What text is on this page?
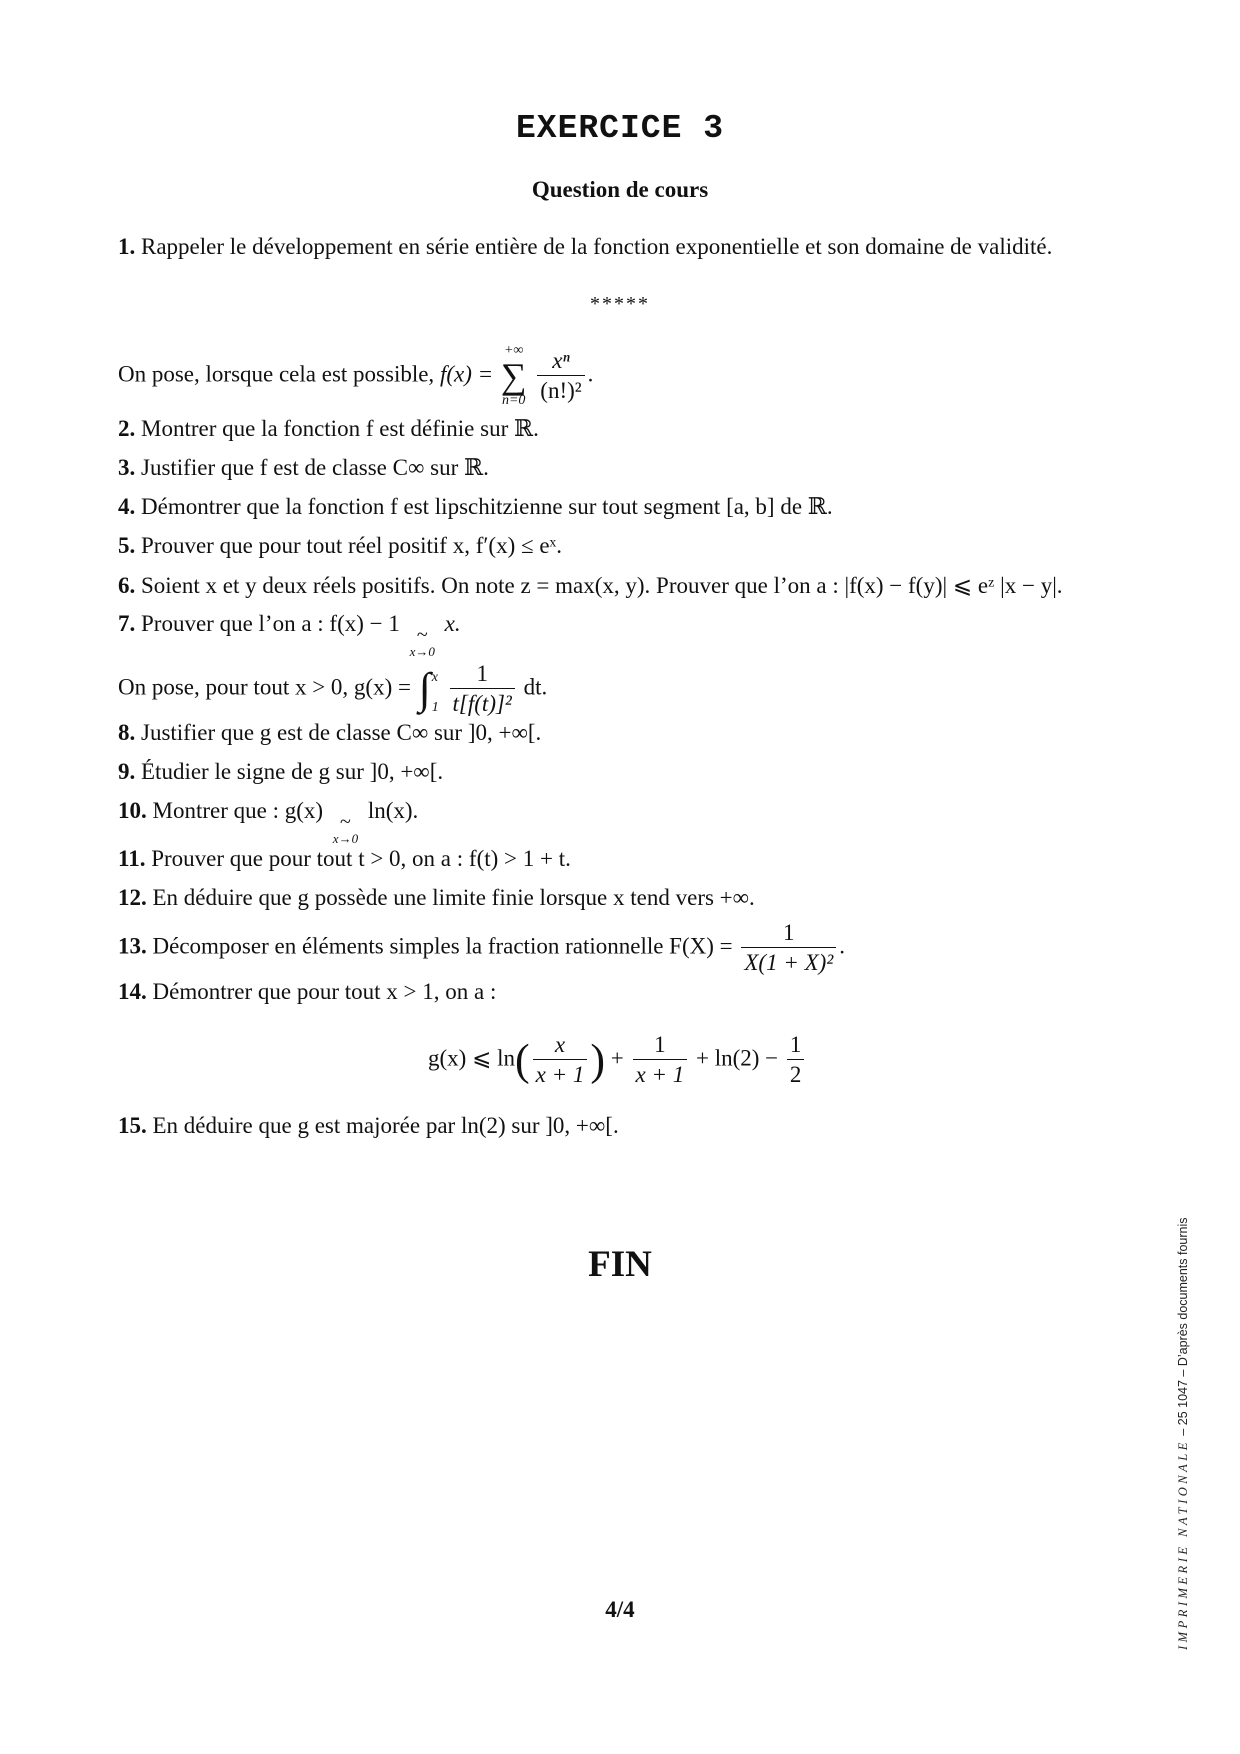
EXERCICE 3
Question de cours
1. Rappeler le développement en série entière de la fonction exponentielle et son domaine de validité.
*****
On pose, lorsque cela est possible, f(x) =
+∞
∑
n=0
$\frac{\text{xⁿ}}{\text{(n!)²}}$ .
2. Montrer que la fonction f est définie sur ℝ.
3. Justifier que f est de classe C∞ sur ℝ.
4. Démontrer que la fonction f est lipschitzienne sur tout segment [a, b] de ℝ.
5. Prouver que pour tout réel positif x, f′(x) ≤ eˣ.
6. Soient x et y deux réels positifs. On note z = max(x, y). Prouver que l’on a : |f(x) − f(y)| ⩽ eᶻ |x − y|.
7. Prouver que l’on a : f(x) − 1 ~
x→0
x.
On pose, pour tout x > 0, g(x) = ∫ x
1
$\frac{1}{\text{t[f(t)]²}}$ dt.
8. Justifier que g est de classe C∞ sur ]0, +∞[.
9. Étudier le signe de g sur ]0, +∞[.
10. Montrer que : g(x) ~
x→0
ln(x).
11. Prouver que pour tout t > 0, on a : f(t) > 1 + t.
12. En déduire que g possède une limite finie lorsque x tend vers +∞.
13. Décomposer en éléments simples la fraction rationnelle $F(X) = \frac{1}{\text{X(1 + X)²}}$ .
14. Démontrer que pour tout x > 1, on a :
g(x) ⩽ $\ln( \frac{x}{x + 1}$ ) + $\frac{1}{x + 1} + \ln(2) - \frac{1}{2}$
15. En déduire que g est majorée par ln(2) sur ]0, +∞[.
FIN
4/4	IMPRIMERIE NATIONALE – 25 1047 – D’après documents fournis
